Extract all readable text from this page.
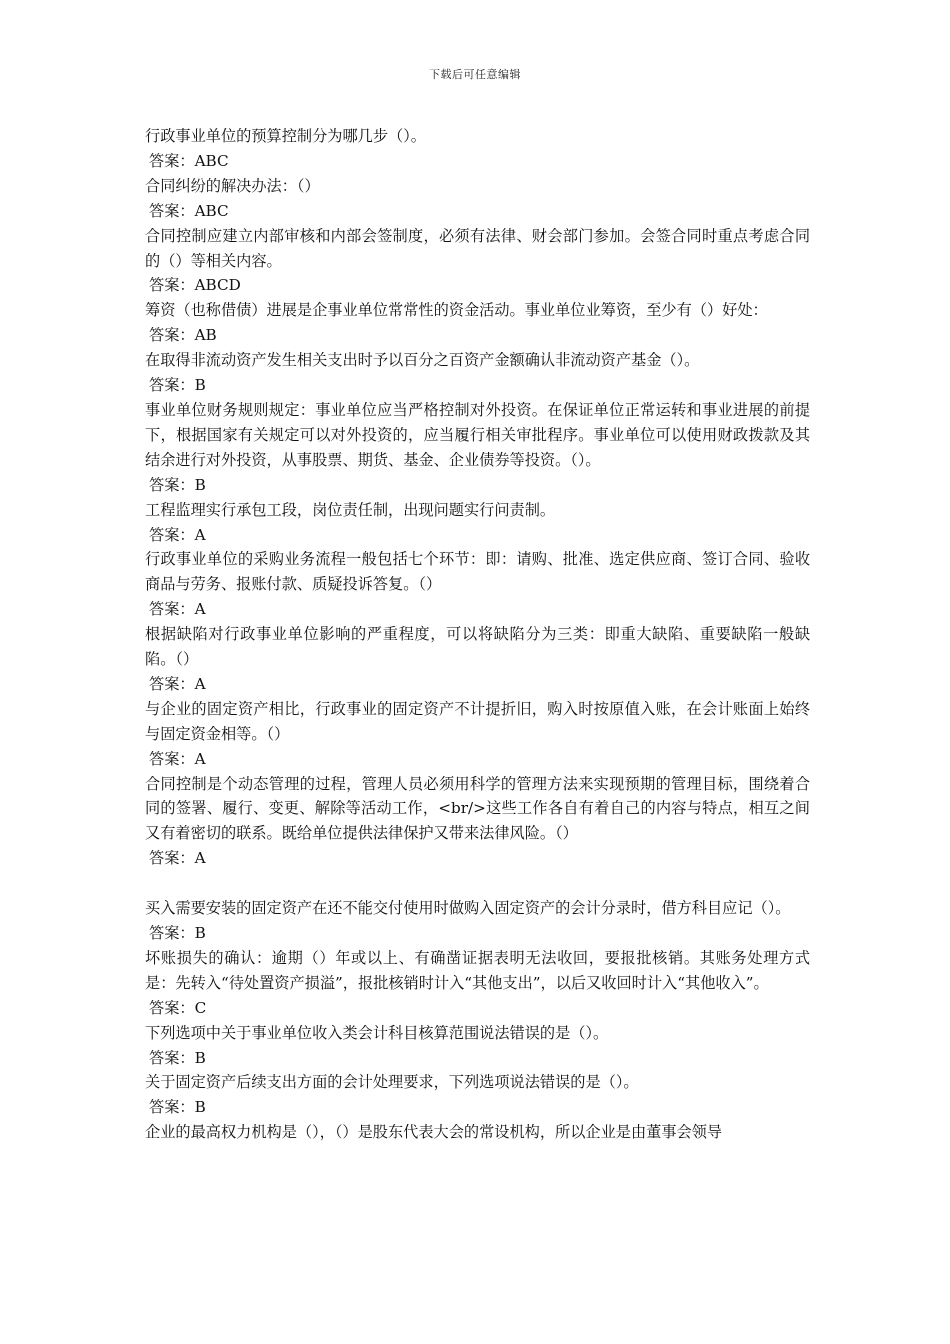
下载后可任意编辑

行政事业单位的预算控制分为哪几步（）。

答案：ABC

合同纠纷的解决办法：（）

答案：ABC

合同控制应建立内部审核和内部会签制度，必须有法律、财会部门参加。会签合同时重点考虑合同的（）等相关内容。

答案：ABCD

筹资（也称借债）进展是企事业单位常常性的资金活动。事业单位业筹资，至少有（）好处：

答案：AB

在取得非流动资产发生相关支出时予以百分之百资产金额确认非流动资产基金（）。

答案：B

事业单位财务规则规定：事业单位应当严格控制对外投资。在保证单位正常运转和事业进展的前提下，根据国家有关规定可以对外投资的，应当履行相关审批程序。事业单位可以使用财政拨款及其结余进行对外投资，从事股票、期货、基金、企业债券等投资。（）。

答案：B

工程监理实行承包工段，岗位责任制，出现问题实行问责制。

答案：A

行政事业单位的采购业务流程一般包括七个环节：即：请购、批准、选定供应商、签订合同、验收商品与劳务、报账付款、质疑投诉答复。（）

答案：A

根据缺陷对行政事业单位影响的严重程度，可以将缺陷分为三类：即重大缺陷、重要缺陷一般缺陷。（）

答案：A

与企业的固定资产相比，行政事业的固定资产不计提折旧，购入时按原值入账，在会计账面上始终与固定资金相等。（）

答案：A

合同控制是个动态管理的过程，管理人员必须用科学的管理方法来实现预期的管理目标，围绕着合同的签署、履行、变更、解除等活动工作，<br/>这些工作各自有着自己的内容与特点，相互之间又有着密切的联系。既给单位提供法律保护又带来法律风险。（）

答案：A

买入需要安装的固定资产在还不能交付使用时做购入固定资产的会计分录时，借方科目应记（）。

答案：B

坏账损失的确认：逾期（）年或以上、有确凿证据表明无法收回，要报批核销。其账务处理方式是：先转入“待处置资产损溢”，报批核销时计入“其他支出”，以后又收回时计入“其他收入”。

答案：C

下列选项中关于事业单位收入类会计科目核算范围说法错误的是（）。

答案：B

关于固定资产后续支出方面的会计处理要求，下列选项说法错误的是（）。

答案：B

企业的最高权力机构是（），（）是股东代表大会的常设机构，所以企业是由董事会领导
